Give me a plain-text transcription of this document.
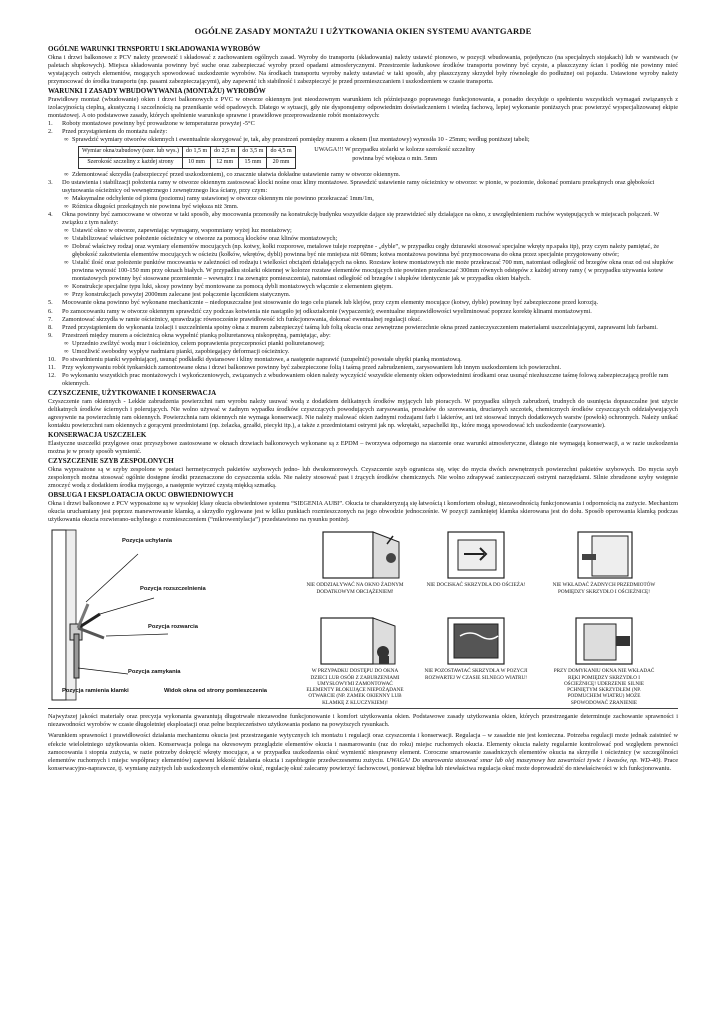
OGÓLNE ZASADY MONTAŻU I UŻYTKOWANIA OKIEN SYSTEMU AVANTGARDE
OGÓLNE WARUNKI TRNSPORTU I SKŁADOWANIA WYROBÓW

Okna i drzwi balkonowe z PCV należy przewozić i składować z zachowaniem ogólnych zasad. Wyroby do transportu (składowania) należy ustawić pionowo, w pozycji wbudowania, pojedynczo (na specjalnych stojakach) lub w warstwach (w paletach słupkowych). Miejsca składowania powinny być suche oraz zabezpieczać wyroby przed opadami atmosferycznymi. Przestrzenie ładunkowe środków transportu powinny być czyste, a płaszczyzny ścian i podłóg nie powinny mieć wystających ostrych elementów, mogących spowodować uszkodzenie wyrobów. Na środkach transportu wyroby należy ustawiać w taki sposób, aby płaszczyzny skrzydeł były równoległe do podłużnej osi pojazdu. Ustawione wyroby należy przymocować do środka transportu (np. pasami zabezpieczającymi), aby zapewnić ich stabilność i zabezpieczyć je przed przemieszczaniem i uszkodzeniem w czasie transportu.

WARUNKI I ZASADY WBUDOWYWANIA (MONTAŻU) WYROBÓW

Prawidłowy montaż (wbudowanie) okien i drzwi balkonowych z PVC w otworze okiennym jest nieodzownym warunkiem ich późniejszego poprawnego funkcjonowania, a ponadto decyduje o spełnieniu wszystkich wymagań związanych z izolacyjnością cieplną, akustyczną i szczelnością na przenikanie wód opadowych. Dlatego w sytuacji, gdy nie dysponujemy odpowiednim doświadczeniem i wiedzą fachową, lepiej wykonanie poniższych prac powierzyć wyspecjalizowanej ekipie montażowej. A oto podstawowe zasady, których spełnienie warunkuje sprawne i prawidłowe przeprowadzenie robót montażowych:

1.	Roboty montażowe powinny być prowadzone w temperaturze powyżej -5°C
2.	Przed przystąpieniem do montażu należy:
∞ Sprawdzić wymiary otworów okiennych i ewentualnie skorygować je, tak, aby przestrzeń pomiędzy murem a oknem (luz montażowy) wynosiła 10 - 25mm; według poniższej tabeli;
Wymiar okna/zabudowy (szer. lub wys.)	do 1,5 m	do 2,5 m	do 3,5 m	do 4,5 m
Szerokość szczeliny z każdej strony	10 mm	12 mm	15 mm	20 mm
UWAGA!!! W przypadku stolarki w kolorze szerokość szczeliny powinna być większa o min. 5mm
∞ Zdemontować skrzydła (zabezpieczyć przed uszkodzeniem), co znacznie ułatwia dokładne ustawienie ramy w otworze okiennym.
3.	Do ustawienia i stabilizacji położenia ramy w otworze okiennym zastosować klocki nośne oraz kliny montażowe. Sprawdzić ustawienie ramy ościeżnicy w otworze: w pionie, w poziomie, dokonać pomiaru przekątnych oraz głębokości usytuowania ościeżnicy od wewnętrznego i zewnętrznego lica ściany, przy czym:
∞ Maksymalne odchylenie od pionu (poziomu) ramy ustawionej w otworze okiennym nie powinno przekraczać 1mm/1m,
∞ Różnica długości przekątnych nie powinna być większa niż 3mm.
4.	Okna powinny być zamocowane w otworze w taki sposób, aby mocowania przenosiły na konstrukcję budynku wszystkie dające się przewidzieć siły działające na okno, z uwzględnieniem ruchów występujących w miejscach połączeń. W związku z tym należy:
∞ Ustawić okno w otworze, zapewniając wymagany, wspomniany wyżej luz montażowy;
∞ Ustabilizować właściwe położenie ościeżnicy w otworze za pomocą klocków oraz klinów montażowych;
∞ Dobrać właściwy rodzaj oraz wymiary elementów mocujących (np. kotwy, kołki rozporowe, metalowe tuleje rozprężne - „dyble”, w przypadku cegły dziurawki stosować specjalne wkręty np.spaks itp), przy czym należy pamiętać, że głębokość zakotwienia elementów mocujących w ościeżu (kołków, wkrętów, dybli) powinna być nie mniejsza niż 60mm; kotwa montażowa powinna być przymocowana do okna przez specjalnie przygotowany otwór;
∞ Ustalić ilość oraz położenie punktów mocowania w zależności od rodzaju i wielkości obciążeń działających na okno. Rozstaw kotew montażowych nie może przekraczać 700 mm, natomiast odległość od brzegów okna oraz od osi słupków powinna wynosić 100-150 mm przy oknach białych. W przypadku stolarki okiennej w kolorze rozstaw elementów mocujących nie powinien przekraczać 300mm równych odstępów z każdej strony ramy ( w przypadku używania kotew montażowych powinny być stosowane przemiennie – wewnątrz i na zewnątrz pomieszczenia), natomiast odległość od brzegów i słupków identycznie jak w przypadku okien białych.
∞ Konstrukcje specjalne typu luki, skosy powinny być montowane za pomocą dybli montażowych włącznie z elementem giętym.
∞ Przy konstrukcjach powyżej 2000mm zalecane jest połączenie łącznikiem statycznym.
5.	Mocowanie okna powinno być wykonane mechanicznie – niedopuszczalne jest stosowanie do tego celu pianek lub klejów, przy czym elementy mocujące (kotwy, dyble) powinny być zabezpieczone przed korozją.
6.	Po zamocowaniu ramy w otworze okiennym sprawdzić czy podczas kotwienia nie nastąpiło jej odkształcenie (wypaczenie); ewentualne nieprawidłowości wyeliminować poprzez korektę klinami montażowymi.
7.	Zamontować skrzydła w ramie ościeżnicy, sprawdzając równocześnie prawidłowość ich funkcjonowania, dokonać ewentualnej regulacji okuć.
8.	Przed przystąpieniem do wykonania izolacji i uszczelnienia spoiny okna z murem zabezpieczyć taśmą lub folią okucia oraz zewnętrzne powierzchnie okna przed zanieczyszczeniem materiałami uszczelniającymi, zaprawami lub farbami.
9.	Przestrzeń między murem a ościeżnicą okna wypełnić pianką poliuretanową niskoprężną, pamiętając, aby:
∞ Uprzednio zwilżyć wodą mur i ościeżnicę, celem poprawienia przyczepności pianki poliuretanowej;
∞ Umożliwić swobodny wypływ nadmiaru pianki, zapobiegający deformacji ościeżnicy.
10. Po stwardnieniu pianki wypełniającej, usunąć podkładki dystansowe i kliny montażowe, a następnie naprawić (uzupełnić) powstałe ubytki pianką montażową.
11.	Przy wykonywaniu robót tynkarskich zamontowane okna i drzwi balkonowe powinny być zabezpieczone folią i taśmą przed zabrudzeniem, zarysowaniem lub innym uszkodzeniem ich powierzchni.
12. Po wykonaniu wszystkich prac montażowych i wykończeniowych, związanych z wbudowaniem okien należy wyczyścić wszystkie elementy okien odpowiednimi środkami oraz usunąć niezłuszczne taśmę folową zabezpieczającą profile ram okiennych.
CZYSZCZENIE, UŻYTKOWANIE I KONSERWACJA

Czyszczenie ram okiennych - Lekkie zabrudzenia powierzchni ram wyrobu należy usuwać wodą z dodatkiem delikatnych środków myjących lub pioracych. W przypadku silnych zabrudzeń, trudnych do usunięcia dopuszczalne jest użycie delikatnych środków ściernych i polerujących. Nie wolno używać w żadnym wypadku środków czyszczących powodujących zarysowania, proszków do szorowania, drucianych szczotek, chemicznych środków czyszczących oddziaływujących agresywnie na powierzchnię ram okiennych. Powierzchnia ram okiennych nie wymaga konserwacji. Nie należy malować okien żadnymi rodzajami farb i lakierów, ani też stosować innych dodatkowych warstw (powłok) ochronnych. Należy unikać kontaktu powierzchni ram okiennych z gorącymi przedmiotami (np. żelazka, grzałki, piecyki itp.), a także z przedmiotami ostrymi jak np. wkrętaki, szpachelki itp., które mogą spowodować ich uszkodzenie (zarysowanie).

KONSERWACJA USZCZELEK

Elastyczne uszczelki przylgowe oraz przyszybowe zastosowane w oknach drzwiach balkonowych wykonane są z EPDM – tworzywa odpornego na starzenie oraz warunki atmosferyczne, dlatego nie wymagają konserwacji, a w razie uszkodzenia można je w prosty sposób wymienić.

CZYSZCZENIE SZYB ZESPOLONYCH

Okna wyposażone są w szyby zespolone w postaci hermetycznych pakietów szybowych jedno- lub dwukomorowych. Czyszczenie szyb ogranicza się, więc do mycia dwóch zewnętrznych powierzchni pakietów szybowych. Do mycia szyb zespolonych można stosować ogólnie dostępne środki przeznaczone do czyszczenia szkła. Nie należy stosować past i żrących środków chemicznych. Nie wolno zdrapywać zanieczyszczeń ostrymi narzędziami. Silnie zbrudzone szyby wstępnie zmoczyć wodą z dodatkiem środka myjącego, a następnie wytrzeć czystą miękką szmatką.

OBSŁUGA I EKSPLOATACJA OKUC OBWIEDNIOWYCH

Okna i drzwi balkonowe z PCV wyposażone są w wysokiej klasy okucia obwiedniowe systemu “SIEGENIA AUBI”. Okucia te charakteryzują się łatwością i komfortem obsługi, niezawodnością funkcjonowania i odpornością na zużycie. Mechanizm okucia uruchamiany jest poprzez manewrowanie klamką, a skrzydło ryglowane jest w kilku punktach rozmieszczonych na jego obwodzie jednocześnie. W pozycji zamkniętej klamka skierowana jest do dołu. Sposób operowania klamką podczas użytkowania okucia rozwierano-uchylnego z rozmieszczeniem (“mikrowentylacja”) przedstawiono na rysunku poniżej.

Pozycja uchylania
Pozycja rozszczelnienia
Pozycja rozwarcia
Pozycja zamykania
Pozycja ramienia klamki	Widok okna od strony pomieszczenia
NIE ODDZIAŁYWAĆ NA OKNO ŻADNYM DODATKOWYM OBCIĄŻENIEM!
NIE DOCISKAĆ SKRZYDŁA DO OŚCIEŻA!	NIE WKŁADAĆ ŻADNYCH PRZEDMIOTÓW POMIĘDZY SKRZYDŁO I OŚCIEŻNICĘ!
W PRZYPADKU DOSTĘPU DO OKNA DZIECI LUB OSÓB Z ZABURZENIAMI UMYSŁOWYMI ZAMONTOWAĆ ELEMENTY BLOKUJĄCE NIEPOŻĄDANE OTWARCIE (NP. ZAMEK OKIENNY LUB KLAMKĘ Z KLUCZYKIEM)!
NIE POZOSTAWIAĆ SKRZYDŁA W POZYCJI ROZWARTEJ W CZASIE SILNEGO WIATRU!
PRZY DOMYKANIU OKNA NIE WKŁADAĆ RĘKI POMIĘDZY SKRZYDŁO I OŚCIEŻNICĘ! UDERZENIE SILNIE PCHNIĘTYM SKRZYDŁEM (NP. PODMUCHEM WIATRU) MOŻE SPOWODOWAĆ ZRANIENIE

Najwyższej jakości materiały oraz precyzja wykonania gwarantują długotrwałe niezawodne funkcjonowanie i komfort użytkowania okien. Podstawowe zasady użytkowania okien, których przestrzeganie determinuje zachowanie sprawności i niezawodności wyrobów w czasie długoletniej eksploatacji oraz pełne bezpieczeństwo użytkowania podano na powyższych rysunkach.

Warunkiem sprawności i prawidłowości działania mechanizmu okucia jest przestrzeganie wytycznych ich montażu i regulacji oraz czyszczenia i konserwacji. Regulacja – w zasadzie nie jest konieczna. Potrzeba regulacji może jednak zaistnieć w efekcie wieloletniego użytkowania okien. Konserwacja polega na okresowym przeglądzie elementów okucia i nasmarowaniu (raz do roku) miejsc ruchomych okucia. Elementy okucia należy regularnie kontrolować pod względem pewności zamocowania i stopnia zużycia, w razie potrzeby dokręcić wkręty mocujące, a w przypadku uszkodzenia okuć wymienić niesprawny element. Coroczne smarowanie zasadniczych elementów okucia na skrzydle i ościeżnicy (w szczególności elementów ruchomych i miejsc współpracy elementów) zapewni lekkość działania okucia i zapobiegnie przedwczesnemu zużyciu. UWAGA! Do smarowania stosować smar lub olej maszynowy bez zawartości żywic i kwasów, np. WD-40). Prace konserwacyjno-naprawcze, tj. wymianę zużytych lub uszkodzonych elementów okuć, regulację okuć zalecamy powierzyć fachowcowi, ponieważ błędna lub niewłaściwa regulacja okuć może doprowadzić do niewłaściwości w ich funkcjonowaniu.
